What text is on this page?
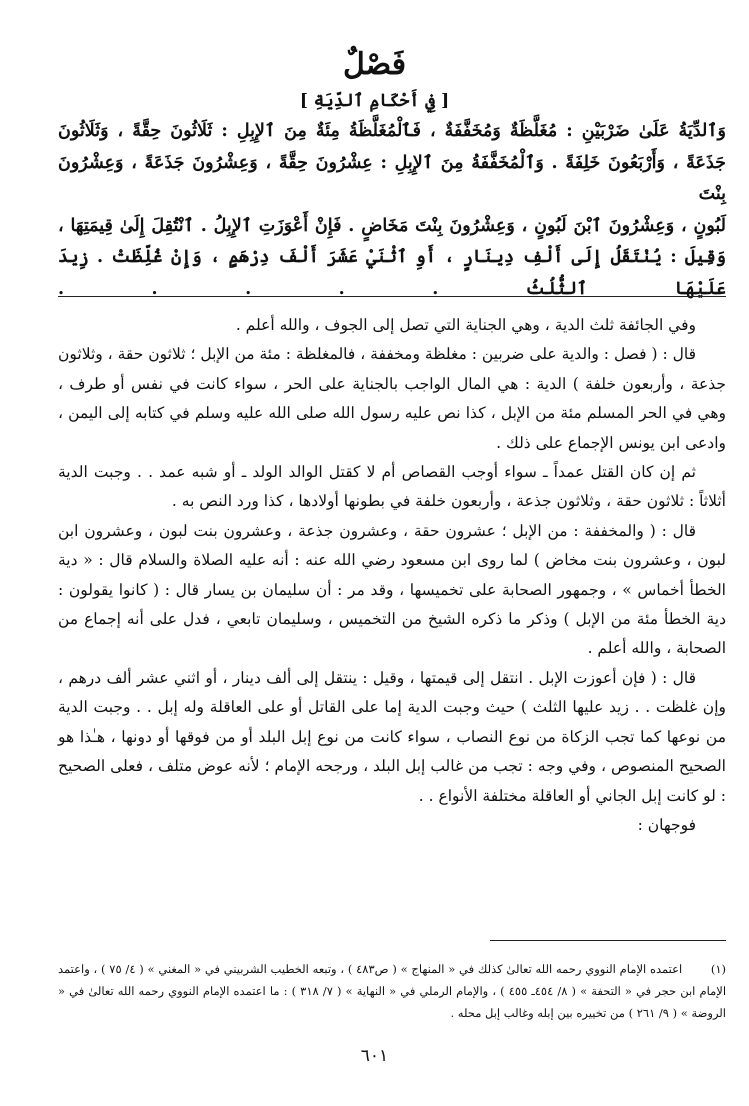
فَصْلٌ
[ فِي أَحْكَامِ ٱلدِّيَةِ ]

وَٱلدِّيَةُ عَلَىٰ ضَرْبَيْنِ : مُغَلَّظَةٌ وَمُخَفَّفَةٌ ، فَٱلْمُغَلَّظَةُ مِئَةٌ مِنَ ٱلإِبِلِ : ثَلَاثُونَ حِقَّةً ، وَثَلَاثُونَ

جَذَعَةً ، وَأَرْبَعُونَ خَلِفَةً . وَٱلْمُخَفَّفَةُ مِنَ ٱلإِبِلِ : عِشْرُونَ حِقَّةً ، وَعِشْرُونَ جَذَعَةً ، وَعِشْرُونَ بِنْتَ

لَبُونٍ ، وَعِشْرُونَ ٱبْنَ لَبُونٍ ، وَعِشْرُونَ بِنْتَ مَخَاضٍ . فَإِنْ أَعْوَزَتِ ٱلإِبِلُ . ٱنْتُقِلَ إِلَىٰ قِيمَتِهَا ،

وَقِيلَ : يُنْتَقَلُ إِلَى أَلْفِ دِينَارٍ ، أَوِ ٱثْنَيْ عَشَرَ أَلْفَ دِرْهَمٍ ، وَإِنْ غُلِّظَتْ . زِيدَ عَلَيْهَا ٱلثُّلُثُ . . . . .

وفي الجائفة ثلث الدية ، وهي الجناية التي تصل إلى الجوف ، والله أعلم .

قال : ( فصل : والدية على ضربين : مغلظة ومخففة ، فالمغلظة : مئة من الإبل ؛ ثلاثون حقة ، وثلاثون جذعة ، وأربعون خلفة ) الدية : هي المال الواجب بالجناية على الحر ، سواء كانت في نفس أو طرف ، وهي في الحر المسلم مئة من الإبل ، كذا نص عليه رسول الله صلى الله عليه وسلم في كتابه إلى اليمن ، وادعى ابن يونس الإجماع على ذلك .

ثم إن كان القتل عمداً ـ سواء أوجب القصاص أم لا كقتل الوالد الولد ـ أو شبه عمد . . وجبت الدية أثلاثاً : ثلاثون حقة ، وثلاثون جذعة ، وأربعون خلفة في بطونها أولادها ، كذا ورد النص به .

قال : ( والمخففة : من الإبل ؛ عشرون حقة ، وعشرون جذعة ، وعشرون بنت لبون ، وعشرون ابن لبون ، وعشرون بنت مخاض ) لما روى ابن مسعود رضي الله عنه : أنه عليه الصلاة والسلام قال : « دية الخطأ أخماس » ، وجمهور الصحابة على تخميسها ، وقد مر : أن سليمان بن يسار قال : ( كانوا يقولون : دية الخطأ مئة من الإبل ) وذكر ما ذكره الشيخ من التخميس ، وسليمان تابعي ، فدل على أنه إجماع من الصحابة ، والله أعلم .

قال : ( فإن أعوزت الإبل . انتقل إلى قيمتها ، وقيل : ينتقل إلى ألف دينار ، أو اثني عشر ألف درهم ، وإن غلظت . . زيد عليها الثلث ) حيث وجبت الدية إما على القاتل أو على العاقلة وله إبل . . وجبت الدية من نوعها كما تجب الزكاة من نوع النصاب ، سواء كانت من نوع إبل البلد أو من فوقها أو دونها ، هـٰذا هو الصحيح المنصوص ، وفي وجه : تجب من غالب إبل البلد ، ورجحه الإمام ؛ لأنه عوض متلف ، فعلى الصحيح : لو كانت إبل الجاني أو العاقلة مختلفة الأنواع . .

فوجهان :

(١) اعتمده الإمام النووي رحمه الله تعالىٰ كذلك في « المنهاج » ( ص٤٨٣ ) ، وتبعه الخطيب الشربيني في « المغني » ( ٤/ ٧٥ ) ، واعتمد الإمام ابن حجر في « التحفة » ( ٨/ ٤٥٤ـ ٤٥٥ ) ، والإمام الرملي في « النهاية » ( ٧/ ٣١٨ ) : ما اعتمده الإمام النووي رحمه الله تعالىٰ في « الروضة » ( ٩/ ٢٦١ ) من تخييره بين إبله وغالب إبل محله .

٦٠١
